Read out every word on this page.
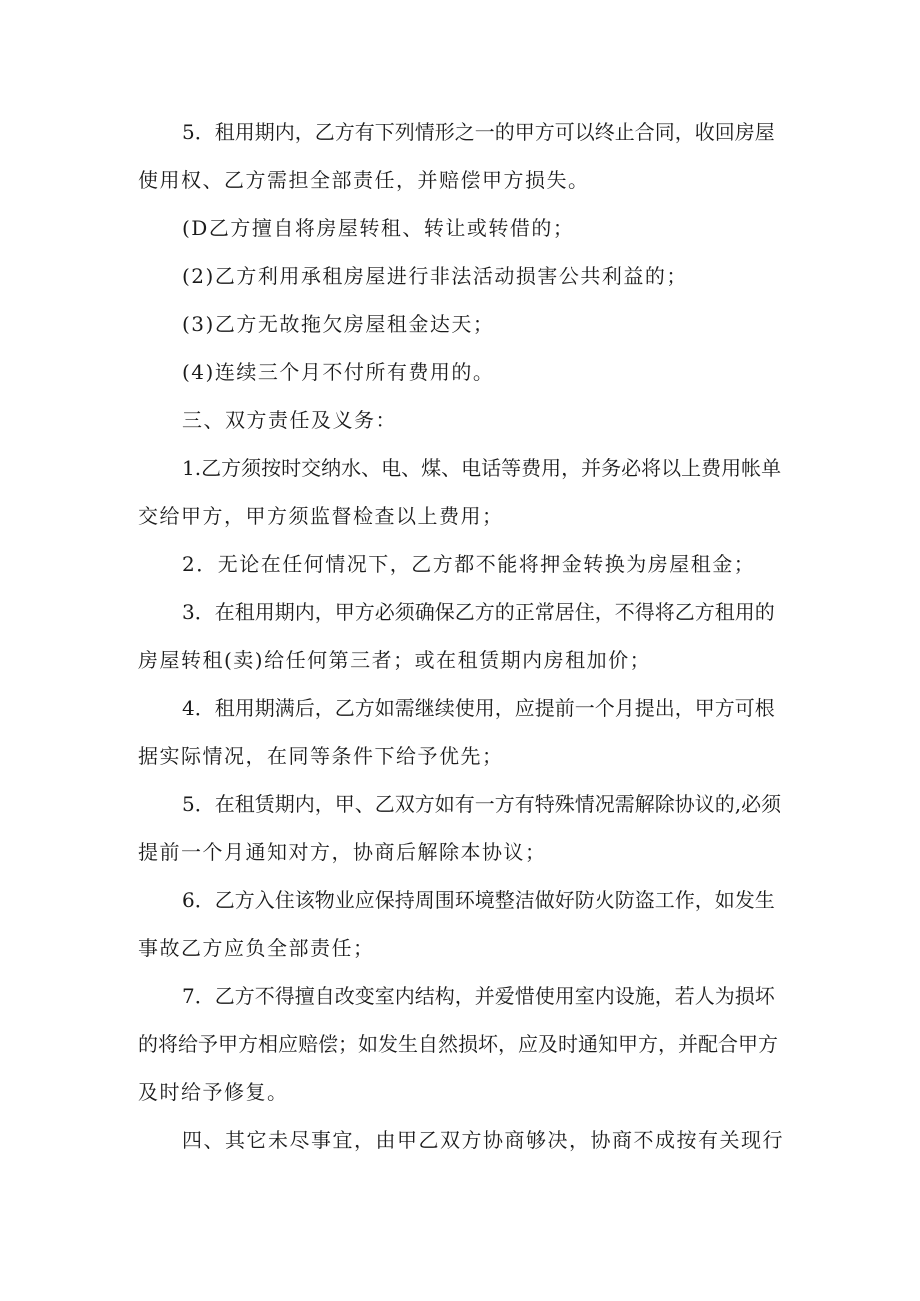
5．租用期内，乙方有下列情形之一的甲方可以终止合同，收回房屋
使用权、乙方需担全部责任，并赔偿甲方损失。
(D乙方擅自将房屋转租、转让或转借的；
(2)乙方利用承租房屋进行非法活动损害公共利益的；
(3)乙方无故拖欠房屋租金达天；
(4)连续三个月不付所有费用的。
三、双方责任及义务：
1.乙方须按时交纳水、电、煤、电话等费用，并务必将以上费用帐单
交给甲方，甲方须监督检查以上费用；
2．无论在任何情况下，乙方都不能将押金转换为房屋租金；
3．在租用期内，甲方必须确保乙方的正常居住，不得将乙方租用的
房屋转租(卖)给任何第三者；或在租赁期内房租加价；
4．租用期满后，乙方如需继续使用，应提前一个月提出，甲方可根
据实际情况，在同等条件下给予优先；
5．在租赁期内，甲、乙双方如有一方有特殊情况需解除协议的,必须
提前一个月通知对方，协商后解除本协议；
6．乙方入住该物业应保持周围环境整洁做好防火防盗工作，如发生
事故乙方应负全部责任；
7．乙方不得擅自改变室内结构，并爱惜使用室内设施，若人为损坏
的将给予甲方相应赔偿；如发生自然损坏，应及时通知甲方，并配合甲方
及时给予修复。
四、其它未尽事宜，由甲乙双方协商够决，协商不成按有关现行
